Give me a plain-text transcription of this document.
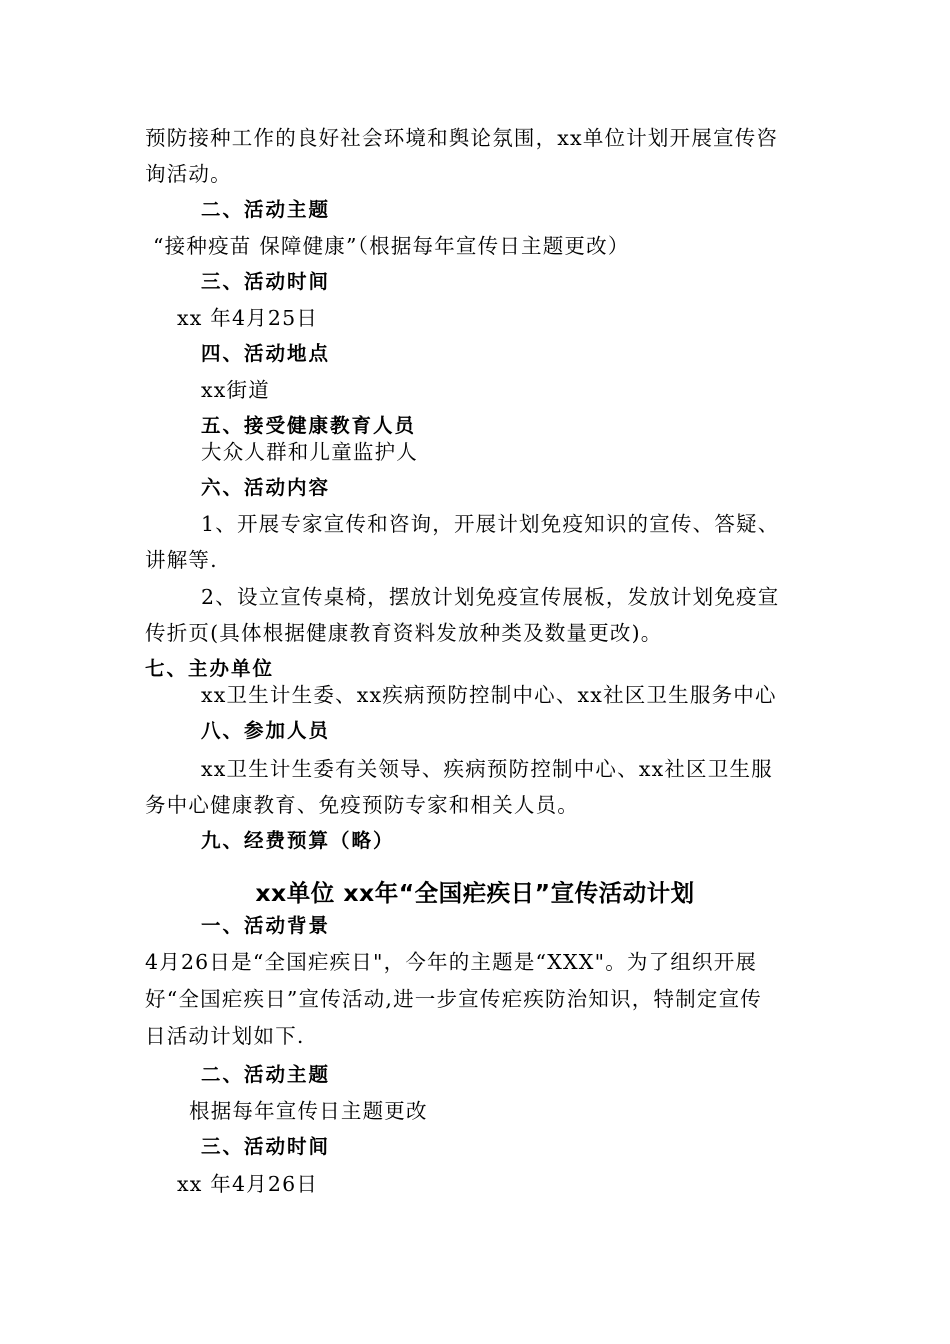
预防接种工作的良好社会环境和舆论氛围，xx单位计划开展宣传咨
询活动。
二、活动主题
“接种疫苗 保障健康”（根据每年宣传日主题更改）
三、活动时间
xx 年4月25日
四、活动地点
xx街道
五、接受健康教育人员
大众人群和儿童监护人
六、活动内容
1、开展专家宣传和咨询，开展计划免疫知识的宣传、答疑、
讲解等.
2、设立宣传桌椅，摆放计划免疫宣传展板，发放计划免疫宣
传折页(具体根据健康教育资料发放种类及数量更改)。
七、主办单位
xx卫生计生委、xx疾病预防控制中心、xx社区卫生服务中心
八、参加人员
xx卫生计生委有关领导、疾病预防控制中心、xx社区卫生服
务中心健康教育、免疫预防专家和相关人员。
九、经费预算（略）
xx单位 xx年“全国疟疾日”宣传活动计划
一、活动背景
4月26日是“全国疟疾日"，今年的主题是“XXX"。为了组织开展
好“全国疟疾日”宣传活动,进一步宣传疟疾防治知识，特制定宣传
日活动计划如下.
二、活动主题
根据每年宣传日主题更改
三、活动时间
xx 年4月26日
